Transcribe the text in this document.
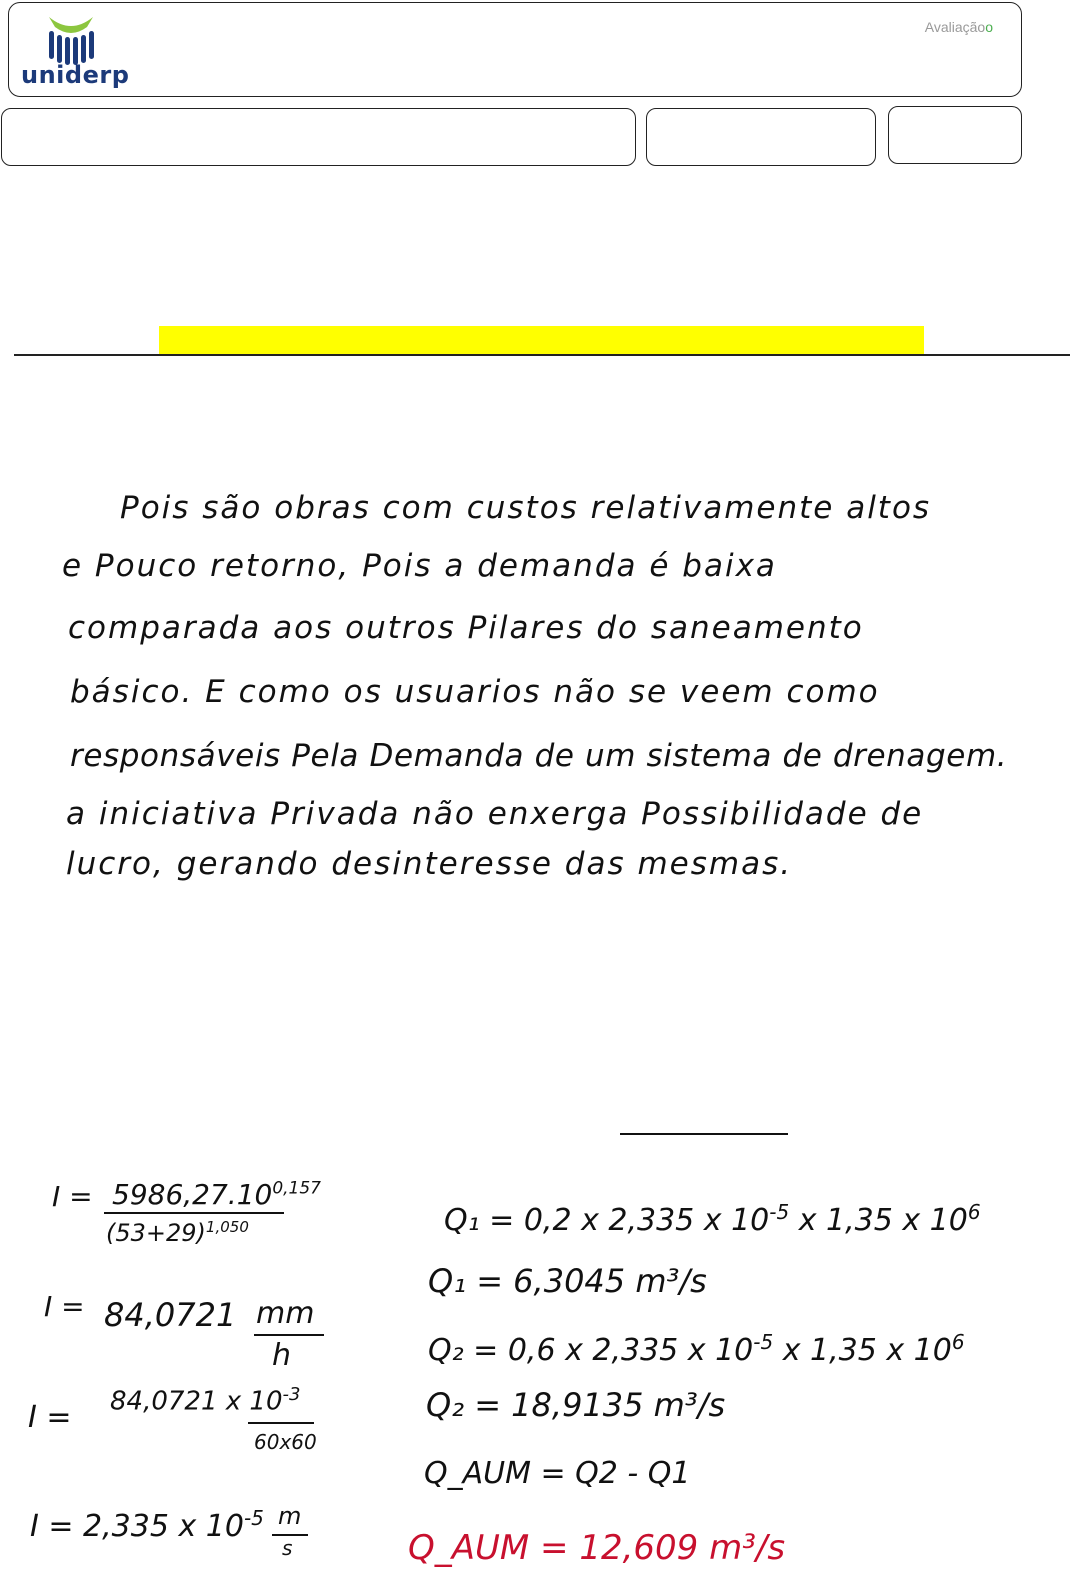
uniderp
Avaliaçãoo
Pois são obras com custos relativamente altos
e Pouco retorno, Pois a demanda é baixa
comparada aos outros Pilares do saneamento
básico. E como os usuarios não se veem como
responsáveis Pela Demanda de um sistema de drenagem.
a iniciativa Privada não enxerga Possibilidade de
lucro, gerando desinteresse das mesmas.
$I = 5986,27.10^{0,157}$
$(53+29)^{1,050}$
I = 84,0721 mm
h
I = 84,0721 x $10^{-3}$
60x60
I = 2,335 x $10^{-5}$ m
s
Q₁ = 0,2 x 2,335 x $10^{-5}$ x 1,35 x $10^6$
Q₁ = 6,3045 m³/s
Q₂ = 0,6 x 2,335 x $10^{-5}$ x 1,35 x $10^6$
Q₂ = 18,9135 m³/s
Q_AUM = Q2 - Q1
Q_AUM = 12,609 m³/s
